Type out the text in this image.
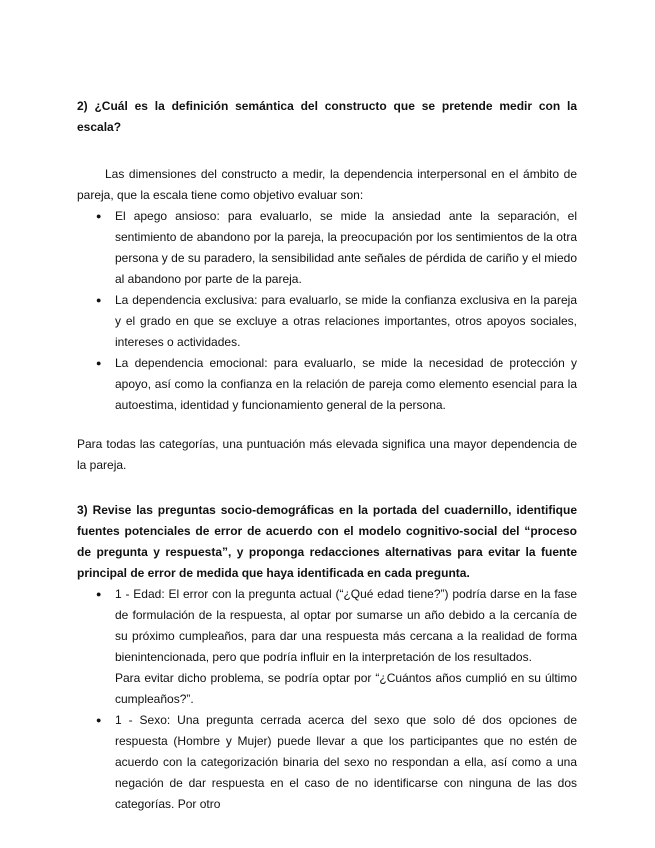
2) ¿Cuál es la definición semántica del constructo que se pretende medir con la escala?

Las dimensiones del constructo a medir, la dependencia interpersonal en el ámbito de pareja, que la escala tiene como objetivo evaluar son:

● El apego ansioso: para evaluarlo, se mide la ansiedad ante la separación, el sentimiento de abandono por la pareja, la preocupación por los sentimientos de la otra persona y de su paradero, la sensibilidad ante señales de pérdida de cariño y el miedo al abandono por parte de la pareja.
● La dependencia exclusiva: para evaluarlo, se mide la confianza exclusiva en la pareja y el grado en que se excluye a otras relaciones importantes, otros apoyos sociales, intereses o actividades.
● La dependencia emocional: para evaluarlo, se mide la necesidad de protección y apoyo, así como la confianza en la relación de pareja como elemento esencial para la autoestima, identidad y funcionamiento general de la persona.

Para todas las categorías, una puntuación más elevada significa una mayor dependencia de la pareja.

3) Revise las preguntas socio-demográficas en la portada del cuadernillo, identifique fuentes potenciales de error de acuerdo con el modelo cognitivo-social del “proceso de pregunta y respuesta”, y proponga redacciones alternativas para evitar la fuente principal de error de medida que haya identificada en cada pregunta.

● 1 - Edad: El error con la pregunta actual (“¿Qué edad tiene?”) podría darse en la fase de formulación de la respuesta, al optar por sumarse un año debido a la cercanía de su próximo cumpleaños, para dar una respuesta más cercana a la realidad de forma bienintencionada, pero que podría influir en la interpretación de los resultados.
Para evitar dicho problema, se podría optar por “¿Cuántos años cumplió en su último cumpleaños?”.
● 1 - Sexo: Una pregunta cerrada acerca del sexo que solo dé dos opciones de respuesta (Hombre y Mujer) puede llevar a que los participantes que no estén de acuerdo con la categorización binaria del sexo no respondan a ella, así como a una negación de dar respuesta en el caso de no identificarse con ninguna de las dos categorías. Por otro
